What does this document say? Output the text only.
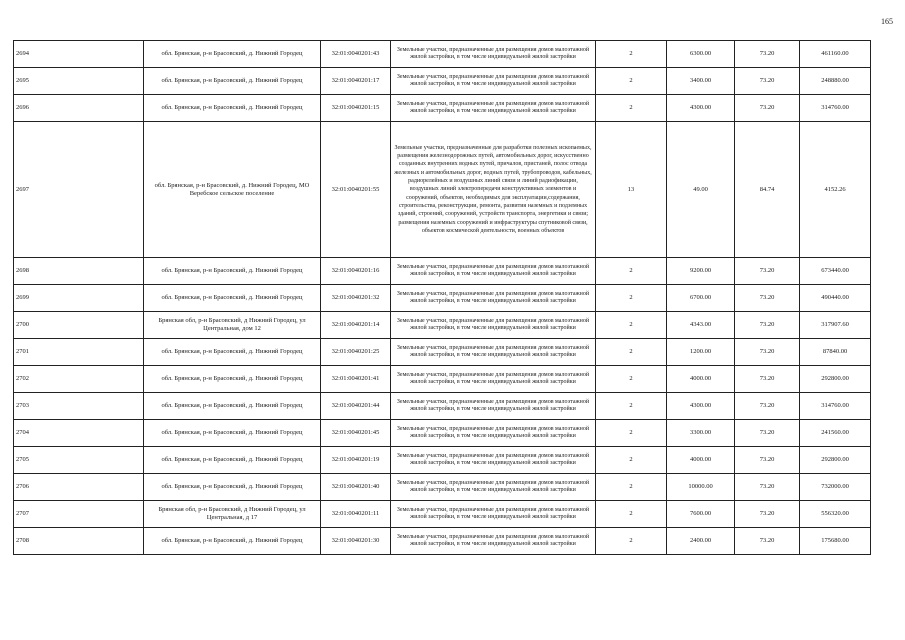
165
2694	обл. Брянская, р-н Брасовский, д. Нижний Городец	32:01:0040201:43	Земельные участки, предназначенные для размещения домов малоэтажной жилой застройки, в том числе индивидуальной жилой застройки	2	6300.00	73.20	461160.00
2695	обл. Брянская, р-н Брасовский, д. Нижний Городец	32:01:0040201:17	Земельные участки, предназначенные для размещения домов малоэтажной жилой застройки, в том числе индивидуальной жилой застройки	2	3400.00	73.20	248880.00
2696	обл. Брянская, р-н Брасовский, д. Нижний Городец	32:01:0040201:15	Земельные участки, предназначенные для размещения домов малоэтажной жилой застройки, в том числе индивидуальной жилой застройки	2	4300.00	73.20	314760.00
2697	обл. Брянская, р-н Брасовский, д. Нижний Городец, МО Веребское сельское поселение	32:01:0040201:55	Земельные участки, предназначенные для разработки полезных ископаемых, размещения железнодорожных путей, автомобильных дорог, искусственно созданных внутренних водных путей, причалов, пристаней, полос отвода железных и автомобильных дорог, водных путей, трубопроводов, кабельных, радиорелейных и воздушных линий связи и линий радиофикации, воздушных линий электропередачи конструктивных элементов и сооружений, объектов, необходимых для эксплуатации,содержания, строительства, реконструкции, ремонта, развития наземных и подземных зданий, строений, сооружений, устройств транспорта, энергетики и связи; размещения наземных сооружений и инфраструктуры спутниковой связи, объектов космической деятельности, военных объектов	13	49.00	84.74	4152.26
2698	обл. Брянская, р-н Брасовский, д. Нижний Городец	32:01:0040201:16	Земельные участки, предназначенные для размещения домов малоэтажной жилой застройки, в том числе индивидуальной жилой застройки	2	9200.00	73.20	673440.00
2699	обл. Брянская, р-н Брасовский, д. Нижний Городец	32:01:0040201:32	Земельные участки, предназначенные для размещения домов малоэтажной жилой застройки, в том числе индивидуальной жилой застройки	2	6700.00	73.20	490440.00
2700	Брянская обл, р-н Брасовский, д Нижний Городец, ул Центральная, дом 12	32:01:0040201:14	Земельные участки, предназначенные для размещения домов малоэтажной жилой застройки, в том числе индивидуальной жилой застройки	2	4343.00	73.20	317907.60
2701	обл. Брянская, р-н Брасовский, д. Нижний Городец	32:01:0040201:25	Земельные участки, предназначенные для размещения домов малоэтажной жилой застройки, в том числе индивидуальной жилой застройки	2	1200.00	73.20	87840.00
2702	обл. Брянская, р-н Брасовский, д. Нижний Городец	32:01:0040201:41	Земельные участки, предназначенные для размещения домов малоэтажной жилой застройки, в том числе индивидуальной жилой застройки	2	4000.00	73.20	292800.00
2703	обл. Брянская, р-н Брасовский, д. Нижний Городец	32:01:0040201:44	Земельные участки, предназначенные для размещения домов малоэтажной жилой застройки, в том числе индивидуальной жилой застройки	2	4300.00	73.20	314760.00
2704	обл. Брянская, р-н Брасовский, д. Нижний Городец	32:01:0040201:45	Земельные участки, предназначенные для размещения домов малоэтажной жилой застройки, в том числе индивидуальной жилой застройки	2	3300.00	73.20	241560.00
2705	обл. Брянская, р-н Брасовский, д. Нижний Городец	32:01:0040201:19	Земельные участки, предназначенные для размещения домов малоэтажной жилой застройки, в том числе индивидуальной жилой застройки	2	4000.00	73.20	292800.00
2706	обл. Брянская, р-н Брасовский, д. Нижний Городец	32:01:0040201:40	Земельные участки, предназначенные для размещения домов малоэтажной жилой застройки, в том числе индивидуальной жилой застройки	2	10000.00	73.20	732000.00
2707	Брянская обл, р-н Брасовский, д Нижний Городец, ул Центральная, д 17	32:01:0040201:11	Земельные участки, предназначенные для размещения домов малоэтажной жилой застройки, в том числе индивидуальной жилой застройки	2	7600.00	73.20	556320.00
2708	обл. Брянская, р-н Брасовский, д. Нижний Городец	32:01:0040201:30	Земельные участки, предназначенные для размещения домов малоэтажной жилой застройки, в том числе индивидуальной жилой застройки	2	2400.00	73.20	175680.00
